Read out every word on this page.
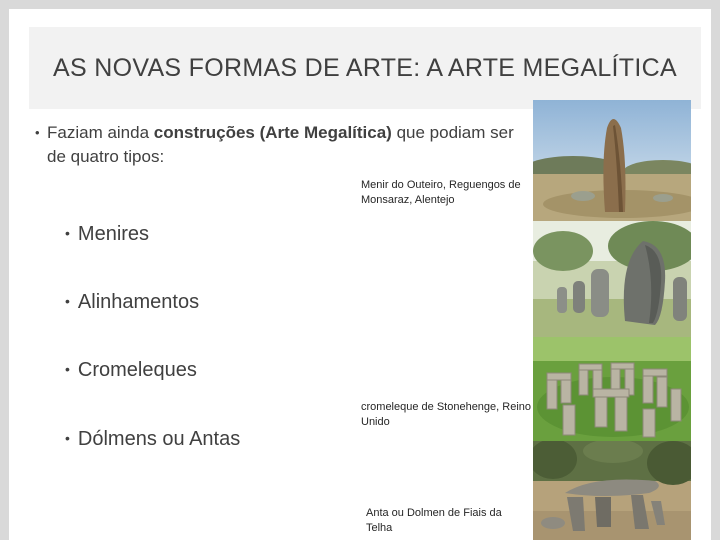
AS NOVAS FORMAS DE ARTE: A ARTE MEGALÍTICA
• Faziam ainda construções (Arte Megalítica) que podiam ser de quatro tipos:
• Menires
• Alinhamentos
• Cromeleques
• Dólmens ou Antas
Menir do Outeiro, Reguengos de Monsaraz, Alentejo
cromeleque de Stonehenge, Reino Unido
Anta ou Dolmen de Fiais da Telha
